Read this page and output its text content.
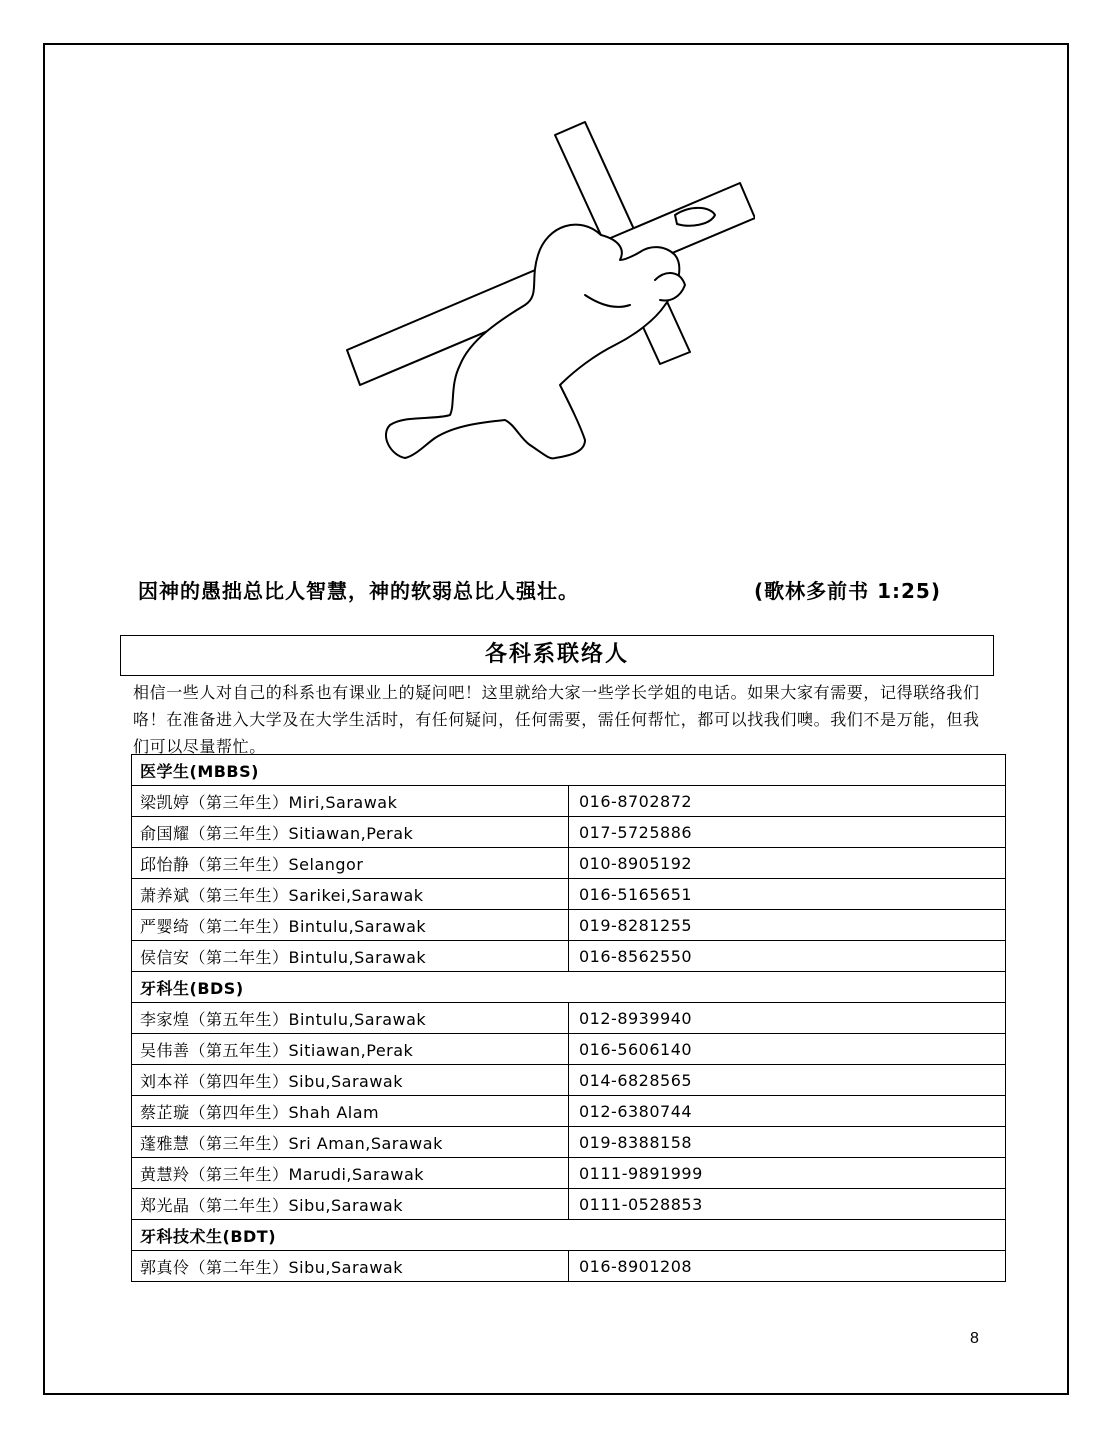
因神的愚拙总比人智慧，神的软弱总比人强壮。	(歌林多前书 1:25)
各科系联络人
相信一些人对自己的科系也有课业上的疑问吧！这里就给大家一些学长学姐的电话。如果大家有需要，记得联络我们咯！在准备进入大学及在大学生活时，有任何疑问，任何需要，需任何帮忙，都可以找我们噢。我们不是万能，但我们可以尽量帮忙。
医学生(MBBS)	
梁凯婷（第三年生）Miri,Sarawak	016-8702872
俞国耀（第三年生）Sitiawan,Perak	017-5725886
邱怡静（第三年生）Selangor	010-8905192
萧养斌（第三年生）Sarikei,Sarawak	016-5165651
严婴绮（第二年生）Bintulu,Sarawak	019-8281255
侯信安（第二年生）Bintulu,Sarawak	016-8562550
牙科生(BDS)	
李家煌（第五年生）Bintulu,Sarawak	012-8939940
吴伟善（第五年生）Sitiawan,Perak	016-5606140
刘本祥（第四年生）Sibu,Sarawak	014-6828565
蔡芷璇（第四年生）Shah Alam	012-6380744
蓬雅慧（第三年生）Sri Aman,Sarawak	019-8388158
黄慧羚（第三年生）Marudi,Sarawak	0111-9891999
郑光晶（第二年生）Sibu,Sarawak	0111-0528853
牙科技术生(BDT)	
郭真伶（第二年生）Sibu,Sarawak	016-8901208
8
